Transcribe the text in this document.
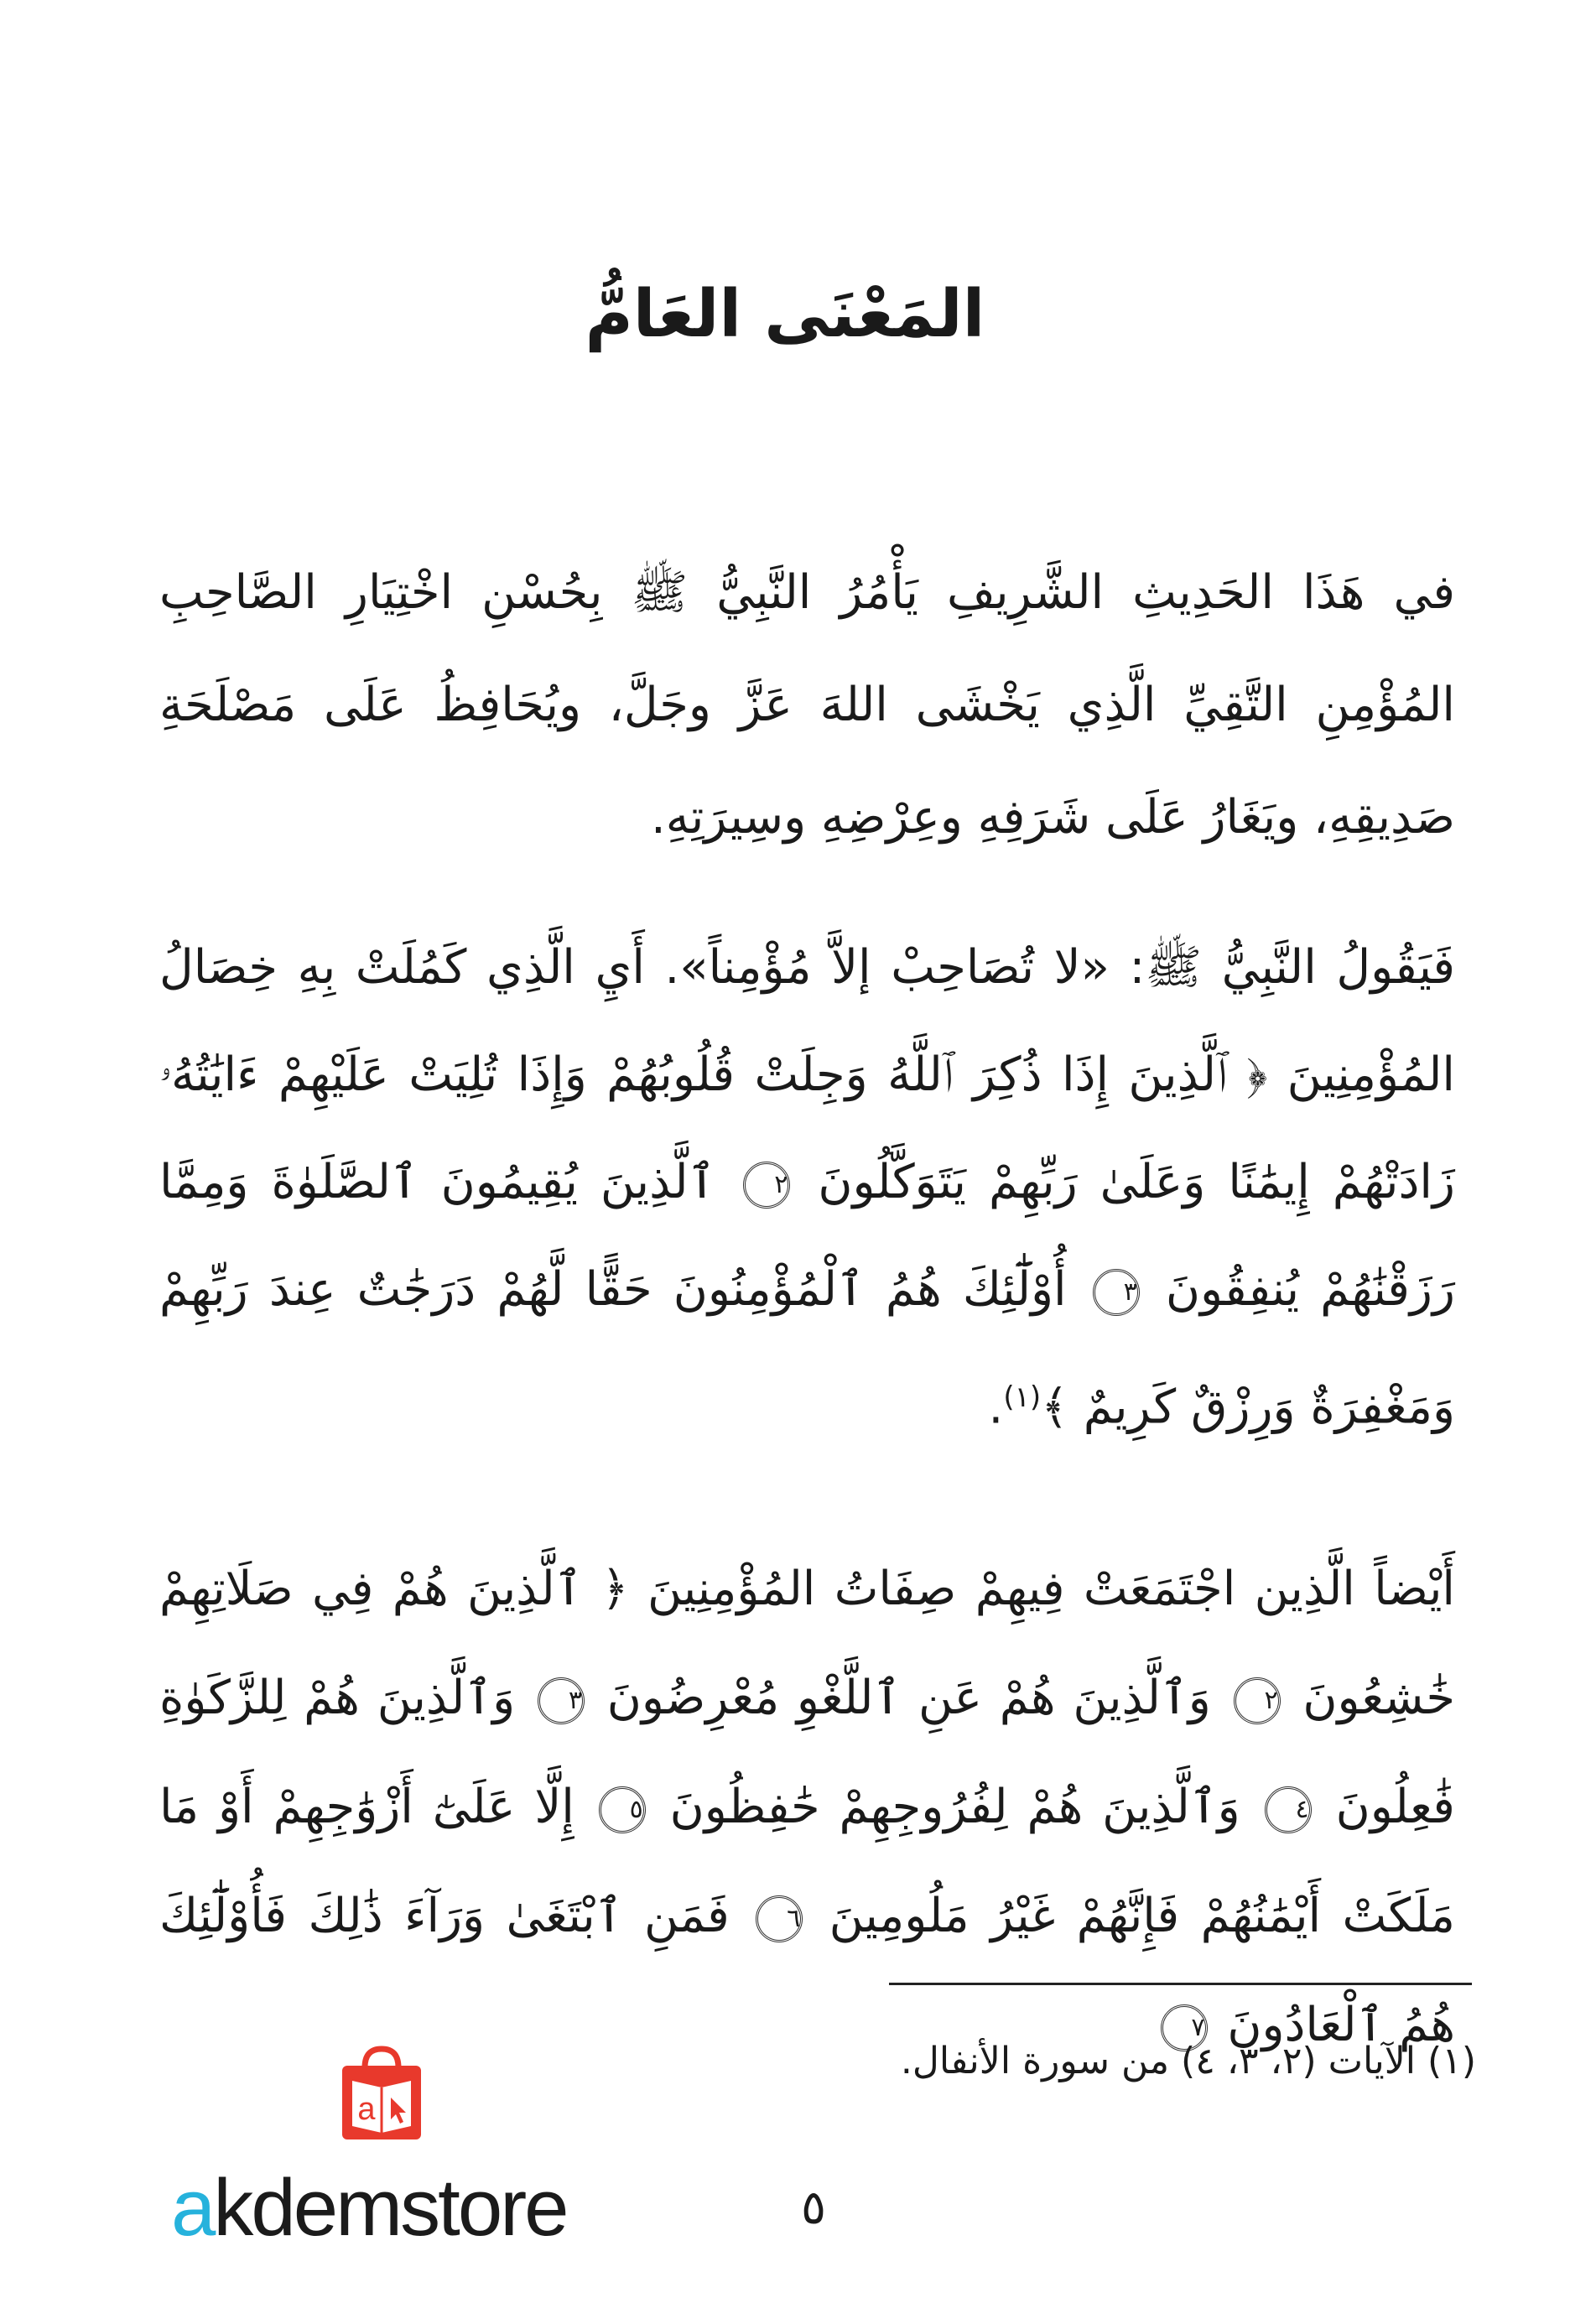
المَعْنَى العَامُّ
في هَذَا الحَدِيثِ الشَّرِيفِ يَأْمُرُ النَّبِيُّ ﷺ بِحُسْنِ اخْتِيَارِ الصَّاحِبِ المُؤْمِنِ التَّقِيِّ الَّذِي يَخْشَى اللهَ عَزَّ وجَلَّ، ويُحَافِظُ عَلَى مَصْلَحَةِ صَدِيقِهِ، ويَغَارُ عَلَى شَرَفِهِ وعِرْضِهِ وسِيرَتِهِ.
فَيَقُولُ النَّبِيُّ ﷺ: «لا تُصَاحِبْ إلاَّ مُؤْمِناً». أَيِ الَّذِي كَمُلَتْ بِهِ خِصَالُ المُؤْمِنِينَ ﴿ ٱلَّذِينَ إِذَا ذُكِرَ ٱللَّهُ وَجِلَتْ قُلُوبُهُمْ وَإِذَا تُلِيَتْ عَلَيْهِمْ ءَايَٰتُهُۥ زَادَتْهُمْ إِيمَٰنًا وَعَلَىٰ رَبِّهِمْ يَتَوَكَّلُونَ ٢ ٱلَّذِينَ يُقِيمُونَ ٱلصَّلَوٰةَ وَمِمَّا رَزَقْنَٰهُمْ يُنفِقُونَ ٣ أُوْلَٰٓئِكَ هُمُ ٱلْمُؤْمِنُونَ حَقًّا لَّهُمْ دَرَجَٰتٌ عِندَ رَبِّهِمْ وَمَغْفِرَةٌ وَرِزْقٌ كَرِيمٌ ﴾$^{(١)}$.
أَيْضاً الَّذِين اجْتَمَعَتْ فِيهِمْ صِفَاتُ المُؤْمِنِينَ ﴿ ٱلَّذِينَ هُمْ فِي صَلَاتِهِمْ خَٰشِعُونَ ٢ وَٱلَّذِينَ هُمْ عَنِ ٱللَّغْوِ مُعْرِضُونَ ٣ وَٱلَّذِينَ هُمْ لِلزَّكَوٰةِ فَٰعِلُونَ ٤ وَٱلَّذِينَ هُمْ لِفُرُوجِهِمْ حَٰفِظُونَ ٥ إِلَّا عَلَىٰٓ أَزْوَٰجِهِمْ أَوْ مَا مَلَكَتْ أَيْمَٰنُهُمْ فَإِنَّهُمْ غَيْرُ مَلُومِينَ ٦ فَمَنِ ٱبْتَغَىٰ وَرَآءَ ذَٰلِكَ فَأُوْلَٰٓئِكَ هُمُ ٱلْعَادُونَ ٧
(١) الآيات (٢، ٣، ٤) من سورة الأنفال.
a
akdemstore	٥
